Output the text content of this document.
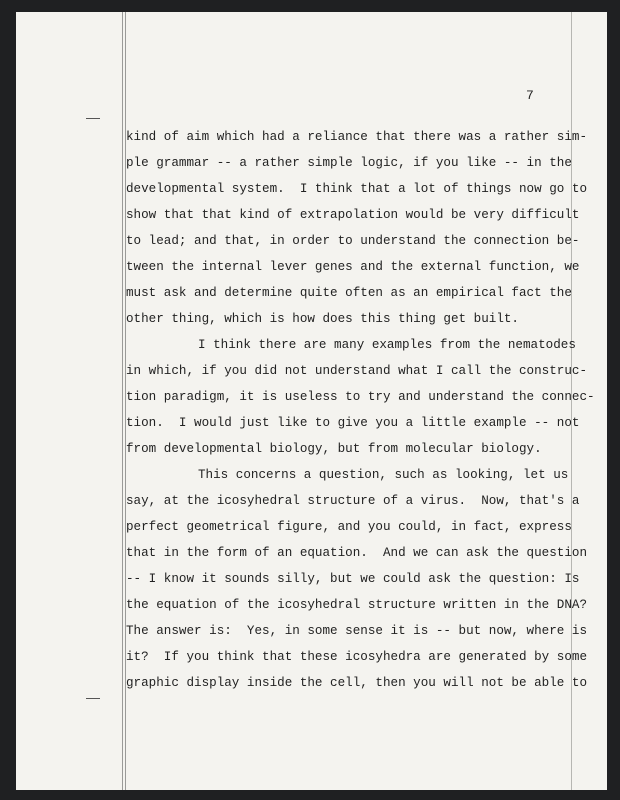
7
kind of aim which had a reliance that there was a rather sim-
ple grammar -- a rather simple logic, if you like -- in the
developmental system.  I think that a lot of things now go to
show that that kind of extrapolation would be very difficult
to lead; and that, in order to understand the connection be-
tween the internal lever genes and the external function, we
must ask and determine quite often as an empirical fact the
other thing, which is how does this thing get built.
I think there are many examples from the nematodes
in which, if you did not understand what I call the construc-
tion paradigm, it is useless to try and understand the connec-
tion.  I would just like to give you a little example -- not
from developmental biology, but from molecular biology.
This concerns a question, such as looking, let us
say, at the icosyhedral structure of a virus.  Now, that's a
perfect geometrical figure, and you could, in fact, express
that in the form of an equation.  And we can ask the question
-- I know it sounds silly, but we could ask the question: Is
the equation of the icosyhedral structure written in the DNA?
The answer is:  Yes, in some sense it is -- but now, where is
it?  If you think that these icosyhedra are generated by some
graphic display inside the cell, then you will not be able to
